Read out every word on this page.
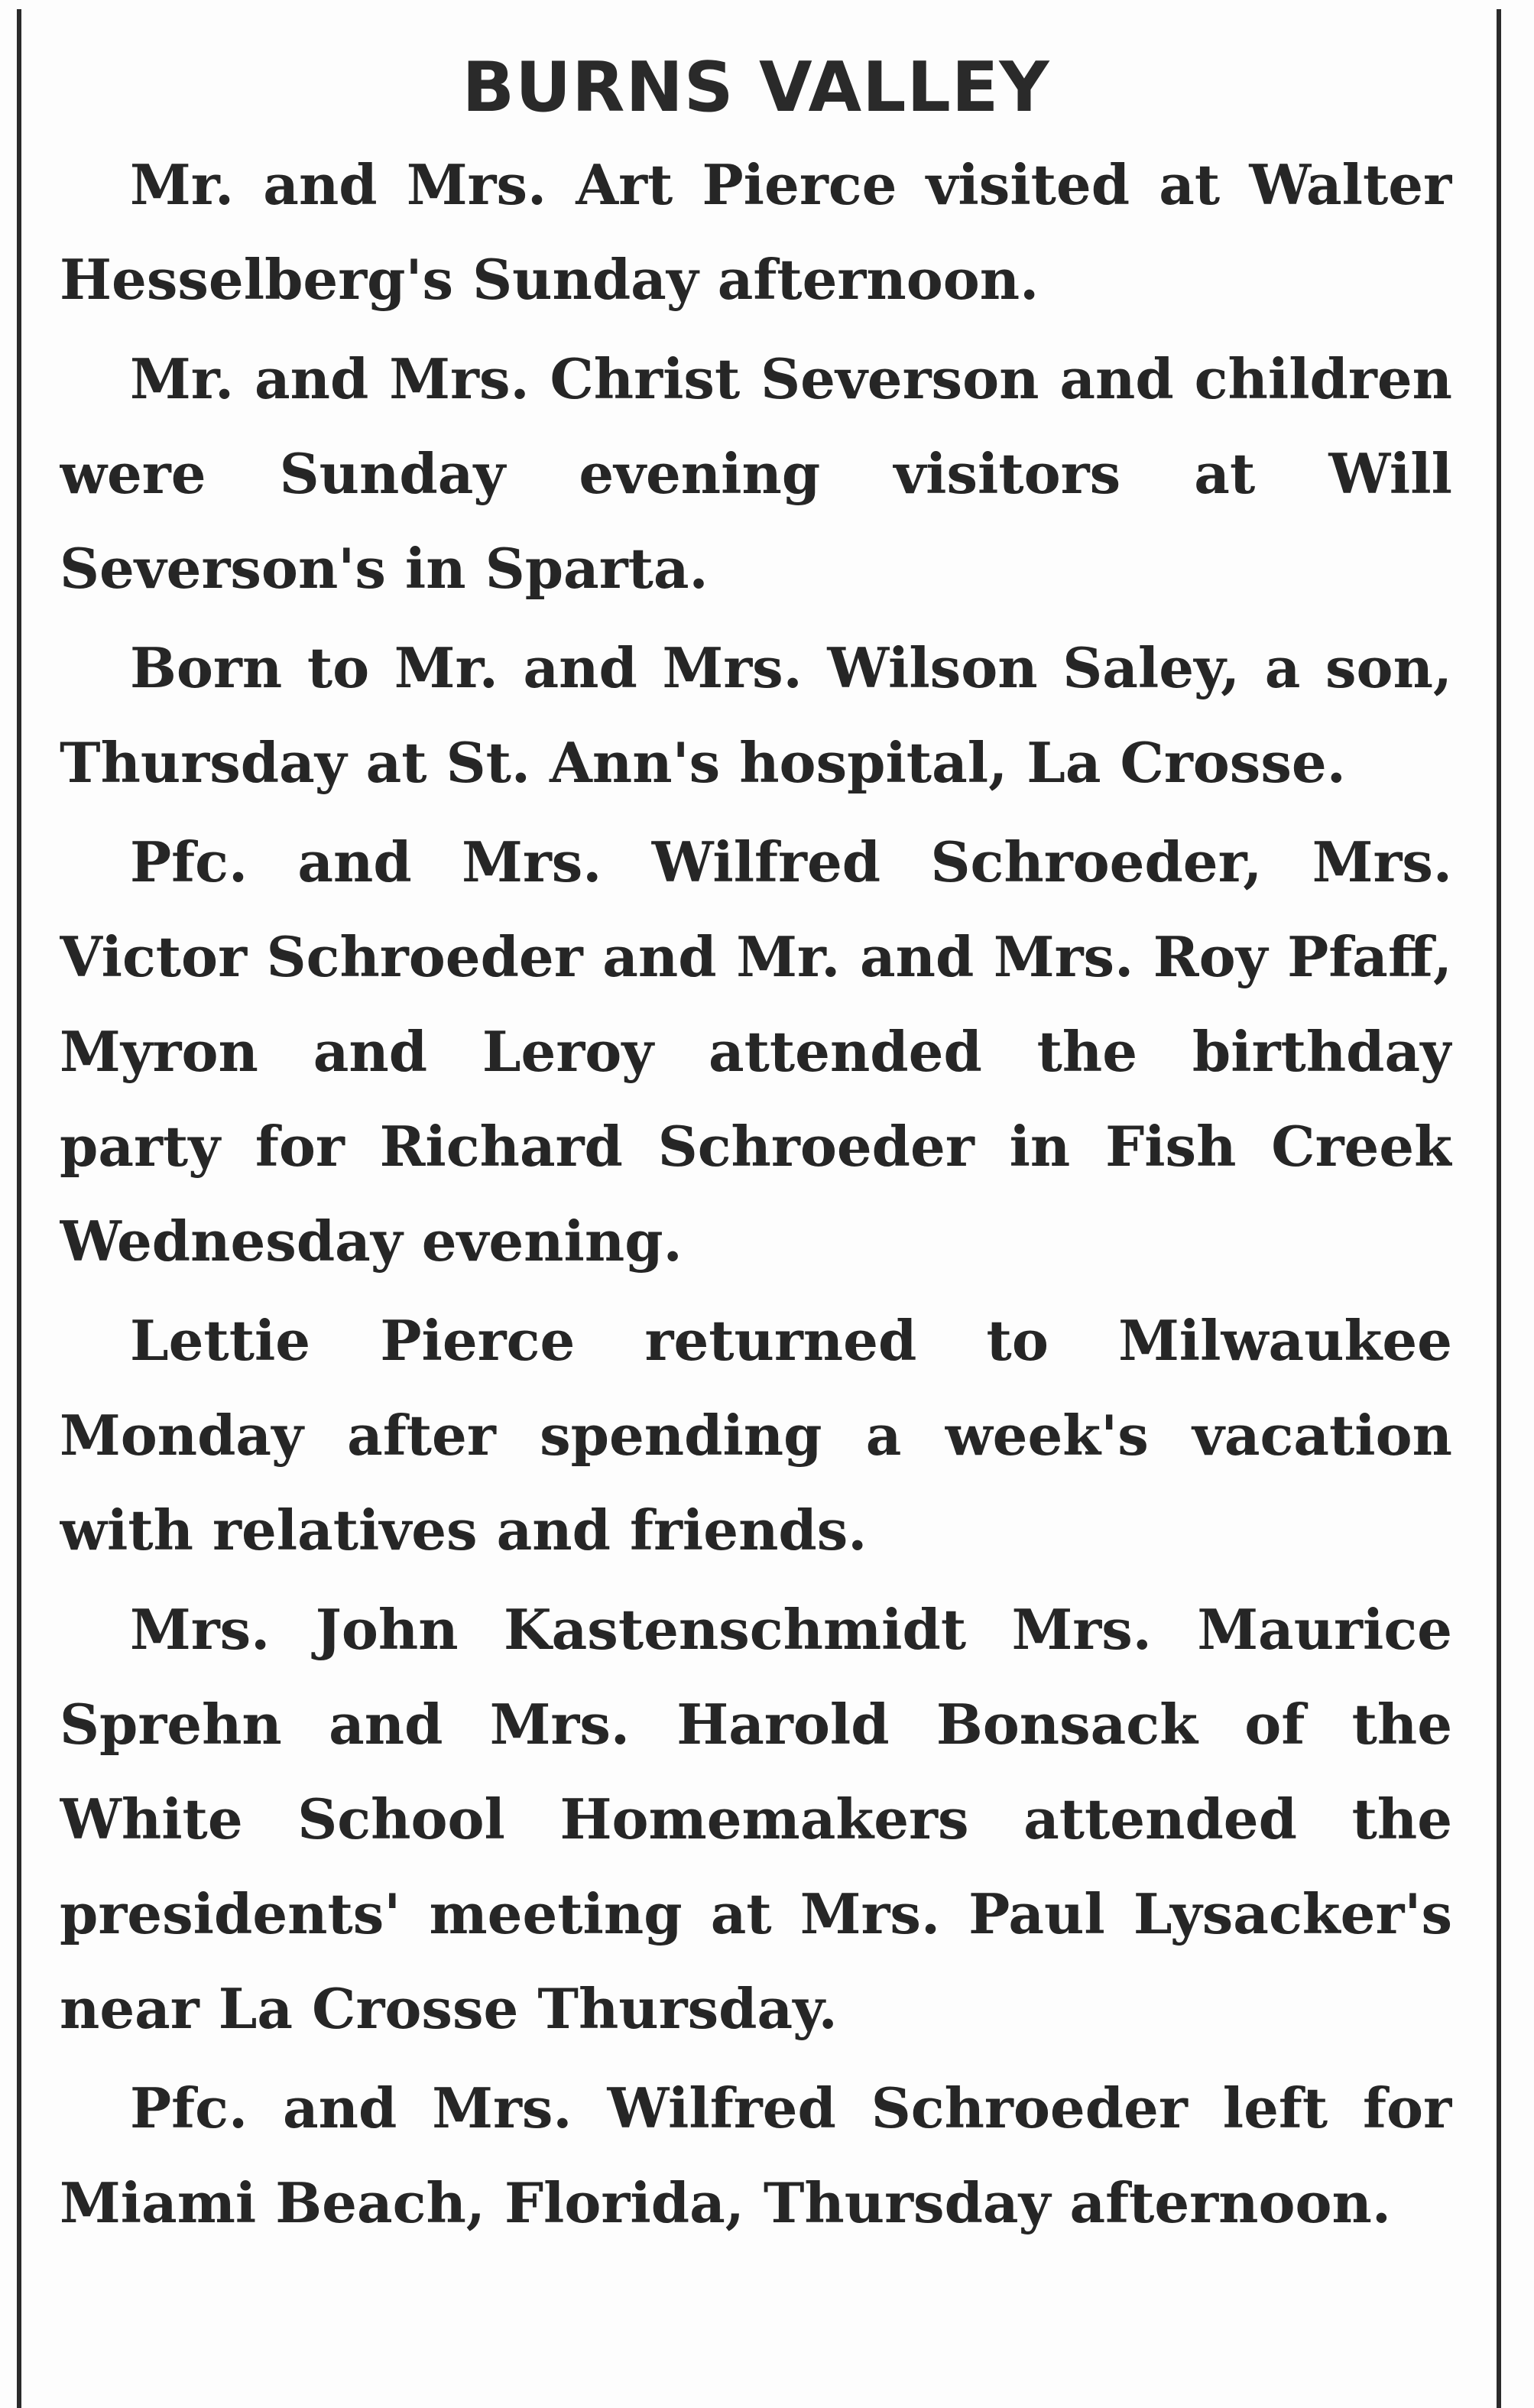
BURNS VALLEY

Mr. and Mrs. Art Pierce visited at Walter Hesselberg's Sunday afternoon.

Mr. and Mrs. Christ Severson and children were Sunday evening visitors at Will Severson's in Sparta.

Born to Mr. and Mrs. Wilson Saley, a son, Thursday at St. Ann's hospital, La Crosse.

Pfc. and Mrs. Wilfred Schroeder, Mrs. Victor Schroeder and Mr. and Mrs. Roy Pfaff, Myron and Leroy attended the birthday party for Richard Schroeder in Fish Creek Wednesday evening.

Lettie Pierce returned to Milwaukee Monday after spending a week's vacation with relatives and friends.

Mrs. John Kastenschmidt Mrs. Maurice Sprehn and Mrs. Harold Bonsack of the White School Homemakers attended the presidents' meeting at Mrs. Paul Lysacker's near La Crosse Thursday.

Pfc. and Mrs. Wilfred Schroeder left for Miami Beach, Florida, Thursday afternoon.
